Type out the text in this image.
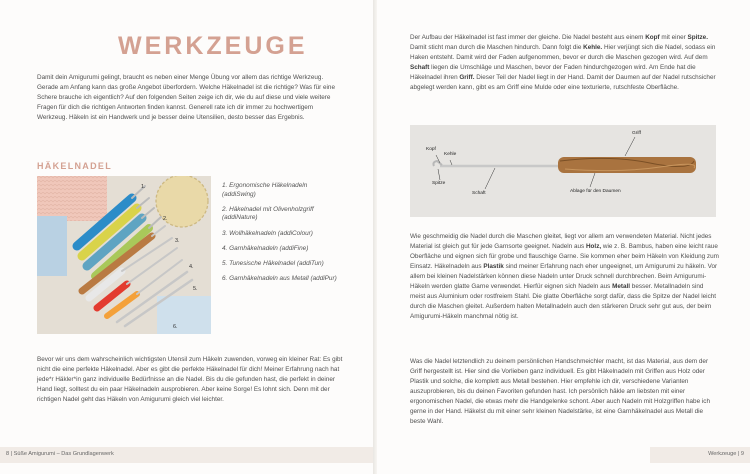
WERKZEUGE

Damit dein Amigurumi gelingt, braucht es neben einer Menge Übung vor allem das richtige Werkzeug. Gerade am Anfang kann das große Angebot überfordern. Welche Häkelnadel ist die richtige? Was für eine Schere brauche ich eigentlich? Auf den folgenden Seiten zeige ich dir, wie du auf diese und viele weitere Fragen für dich die richtigen Antworten finden kannst. Generell rate ich dir immer zu hochwertigem Werkzeug. Häkeln ist ein Handwerk und je besser deine Utensilien, desto besser das Ergebnis.

HÄKELNADEL
1.
2.
3.
4.
5.
6.
1. Ergonomische Häkelnadeln (addiSwing)
2. Häkelnadel mit Olivenholzgriff (addiNature)
3. Wollhäkelnadeln (addiColour)
4. Garnhäkelnadeln (addiFine)
5. Tunesische Häkelnadel (addiTun)
6. Garnhäkelnadeln aus Metall (addiPur)

Bevor wir uns dem wahrscheinlich wichtigsten Utensil zum Häkeln zuwenden, vorweg ein kleiner Rat: Es gibt nicht die eine perfekte Häkelnadel. Aber es gibt die perfekte Häkelnadel für dich! Meiner Erfahrung nach hat jede*r Häkler*in ganz individuelle Bedürfnisse an die Nadel. Bis du die gefunden hast, die perfekt in deiner Hand liegt, solltest du ein paar Häkelnadeln ausprobieren. Aber keine Sorge! Es lohnt sich. Denn mit der richtigen Nadel geht das Häkeln von Amigurumi gleich viel leichter.

8 | Süße Amigurumi – Das Grundlagenwerk

Der Aufbau der Häkelnadel ist fast immer der gleiche. Die Nadel besteht aus einem Kopf mit einer Spitze. Damit sticht man durch die Maschen hindurch. Dann folgt die Kehle. Hier verjüngt sich die Nadel, sodass ein Haken entsteht. Damit wird der Faden aufgenommen, bevor er durch die Maschen gezogen wird. Auf dem Schaft liegen die Umschläge und Maschen, bevor der Faden hindurchgezogen wird. Am Ende hat die Häkelnadel ihren Griff. Dieser Teil der Nadel liegt in der Hand. Damit der Daumen auf der Nadel rutschsicher abgelegt werden kann, gibt es am Griff eine Mulde oder eine texturierte, rutschfeste Oberfläche.

Kopf
Kehle
Spitze
Schaft
Griff
Ablage für den Daumen

Wie geschmeidig die Nadel durch die Maschen gleitet, liegt vor allem am verwendeten Material. Nicht jedes Material ist gleich gut für jede Garnsorte geeignet. Nadeln aus Holz, wie z. B. Bambus, haben eine leicht raue Oberfläche und eignen sich für grobe und flauschige Garne. Sie kommen eher beim Häkeln von Kleidung zum Einsatz. Häkelnadeln aus Plastik sind meiner Erfahrung nach eher ungeeignet, um Amigurumi zu häkeln. Vor allem bei kleinen Nadelstärken können diese Nadeln unter Druck schnell durchbrechen. Beim Amigurumi-Häkeln werden glatte Garne verwendet. Hierfür eignen sich Nadeln aus Metall besser. Metallnadeln sind meist aus Aluminium oder rostfreiem Stahl. Die glatte Oberfläche sorgt dafür, dass die Spitze der Nadel leicht durch die Maschen gleitet. Außerdem halten Metallnadeln auch den stärkeren Druck sehr gut aus, der beim Amigurumi-Häkeln manchmal nötig ist.

Was die Nadel letztendlich zu deinem persönlichen Handschmeichler macht, ist das Material, aus dem der Griff hergestellt ist. Hier sind die Vorlieben ganz individuell. Es gibt Häkelnadeln mit Griffen aus Holz oder Plastik und solche, die komplett aus Metall bestehen. Hier empfehle ich dir, verschiedene Varianten auszuprobieren, bis du deinen Favoriten gefunden hast. Ich persönlich häkle am liebsten mit einer ergonomischen Nadel, die etwas mehr die Handgelenke schont. Aber auch Nadeln mit Holzgriffen habe ich gerne in der Hand. Häkelst du mit einer sehr kleinen Nadelstärke, ist eine Garnhäkelnadel aus Metall die beste Wahl.

Werkzeuge | 9
